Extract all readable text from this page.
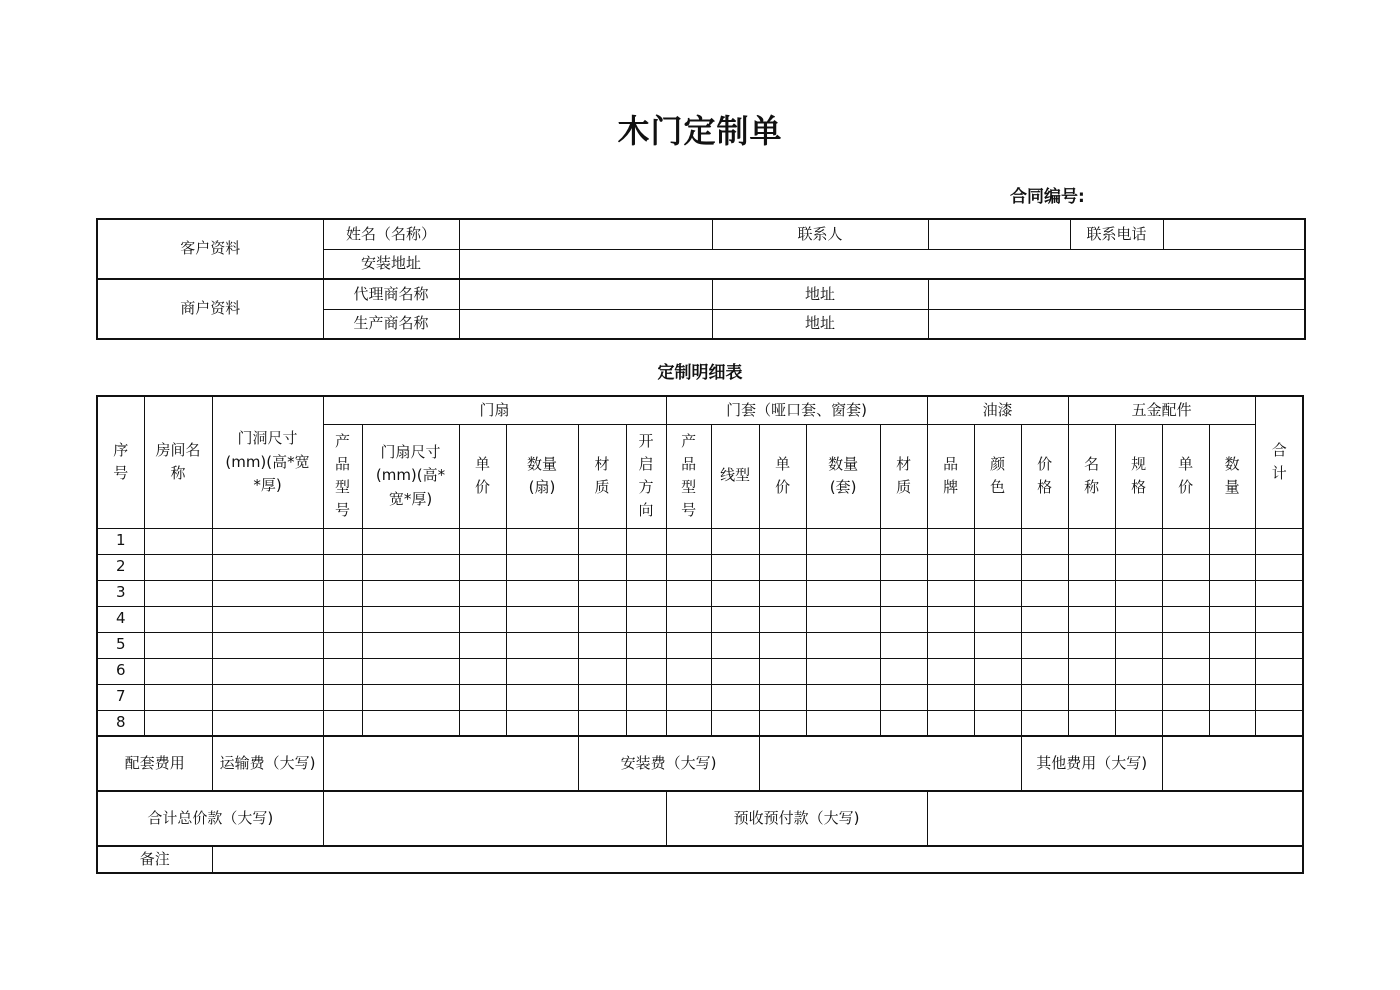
木门定制单
合同编号:
客户资料	姓名（名称）		联系人		联系电话	
	安装地址					
商户资料	代理商名称		地址			
	生产商名称		地址			
定制明细表
序号	房间名称	门洞尺寸(mm)(高*宽*厚)	门扇						门套（哑口套、窗套)					油漆			五金配件				合计
			产品型号	门扇尺寸(mm)(高*宽*厚)	单价	数量(扇)	材质	开启方向	产品型号	线型	单价	数量(套)	材质	品牌	颜色	价格	名称	规格	单价	数量	
1																					
2																					
3																					
4																					
5																					
6																					
7																					
8																					
配套费用		运输费（大写)					安装费（大写)									其他费用（大写)					
合计总价款（大写)									预收预付款（大写)												
备注																					
